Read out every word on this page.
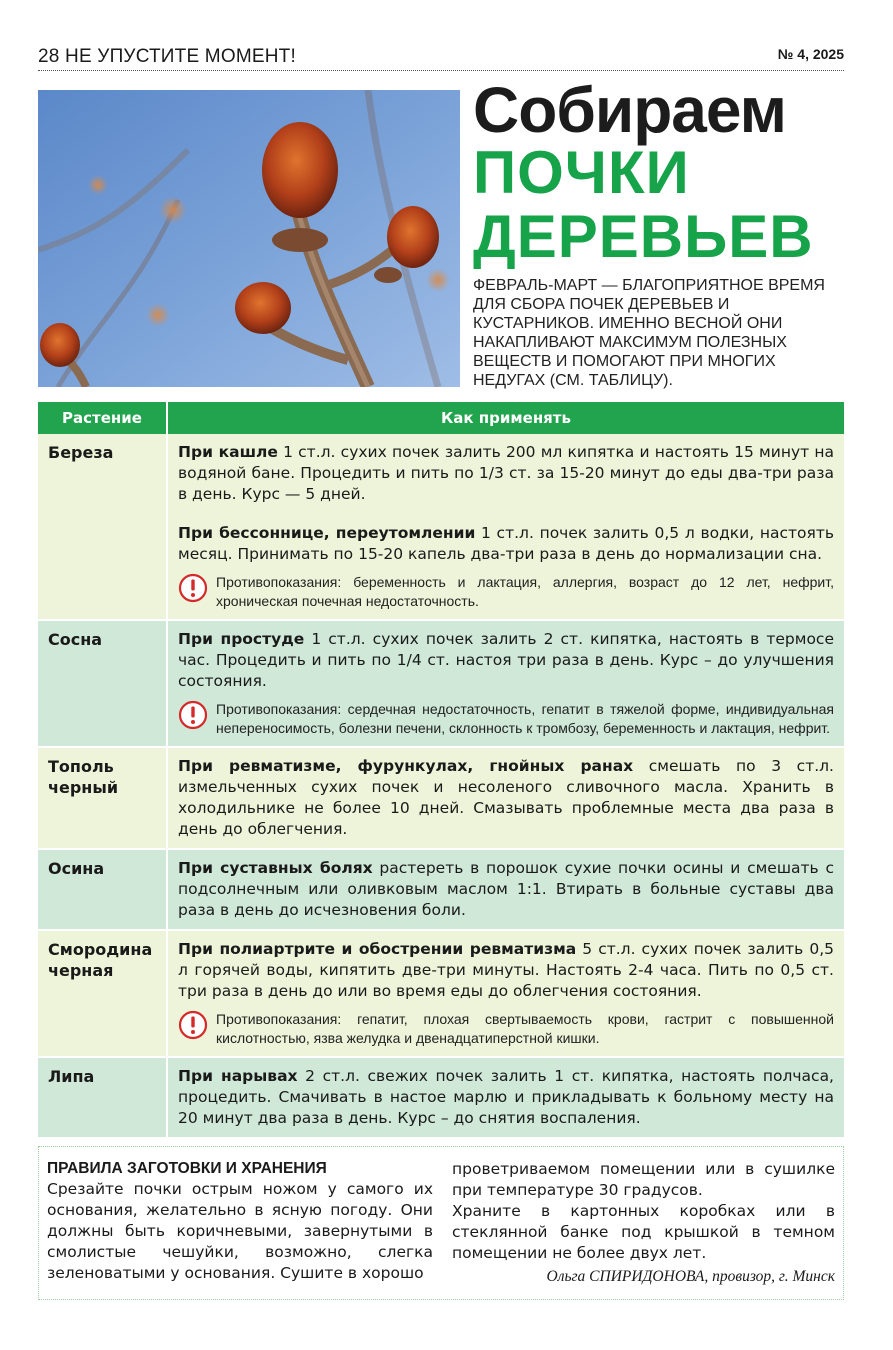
28 НЕ УПУСТИТЕ МОМЕНТ!	№ 4, 2025
Собираем
ПОЧКИ
ДЕРЕВЬЕВ
ФЕВРАЛЬ-МАРТ — БЛАГОПРИЯТНОЕ ВРЕМЯ ДЛЯ СБОРА ПОЧЕК ДЕРЕВЬЕВ И КУСТАРНИКОВ. ИМЕННО ВЕСНОЙ ОНИ НАКАПЛИВАЮТ МАКСИМУМ ПОЛЕЗНЫХ ВЕЩЕСТВ И ПОМОГАЮТ ПРИ МНОГИХ НЕДУГАХ (СМ. ТАБЛИЦУ).
Растение	Как применять
Береза	При кашле 1 ст.л. сухих почек залить 200 мл кипятка и настоять 15 минут на водяной бане. Процедить и пить по 1/3 ст. за 15-20 минут до еды два-три раза в день. Курс — 5 дней.

При бессоннице, переутомлении 1 ст.л. почек залить 0,5 л водки, настоять месяц. Принимать по 15-20 капель два-три раза в день до нормализации сна.

Противопоказания: беременность и лактация, аллергия, возраст до 12 лет, нефрит, хроническая почечная недостаточность.

Сосна	При простуде 1 ст.л. сухих почек залить 2 ст. кипятка, настоять в термосе час. Процедить и пить по 1/4 ст. настоя три раза в день. Курс – до улучшения состояния.

Противопоказания: сердечная недостаточность, гепатит в тяжелой форме, индивидуальная непереносимость, болезни печени, склонность к тромбозу, беременность и лактация, нефрит.

Тополь черный	При ревматизме, фурункулах, гнойных ранах смешать по 3 ст.л. измельченных сухих почек и несоленого сливочного масла. Хранить в холодильнике не более 10 дней. Смазывать проблемные места два раза в день до облегчения.

Осина	При суставных болях растереть в порошок сухие почки осины и смешать с подсолнечным или оливковым маслом 1:1. Втирать в больные суставы два раза в день до исчезновения боли.

Смородина черная	При полиартрите и обострении ревматизма 5 ст.л. сухих почек залить 0,5 л горячей воды, кипятить две-три минуты. Настоять 2-4 часа. Пить по 0,5 ст. три раза в день до или во время еды до облегчения состояния.

Противопоказания: гепатит, плохая свертываемость крови, гастрит с повышенной кислотностью, язва желудка и двенадцатиперстной кишки.

Липа	При нарывах 2 ст.л. свежих почек залить 1 ст. кипятка, настоять полчаса, процедить. Смачивать в настое марлю и прикладывать к больному месту на 20 минут два раза в день. Курс – до снятия воспаления.

ПРАВИЛА ЗАГОТОВКИ И ХРАНЕНИЯ
Срезайте почки острым ножом у самого их основания, желательно в ясную погоду. Они должны быть коричневыми, завернутыми в смолистые чешуйки, возможно, слегка зеленоватыми у основания. Сушите в хорошо
проветриваемом помещении или в сушилке при температуре 30 градусов.
Храните в картонных коробках или в стеклянной банке под крышкой в темном помещении не более двух лет.
Ольга СПИРИДОНОВА, провизор, г. Минск
